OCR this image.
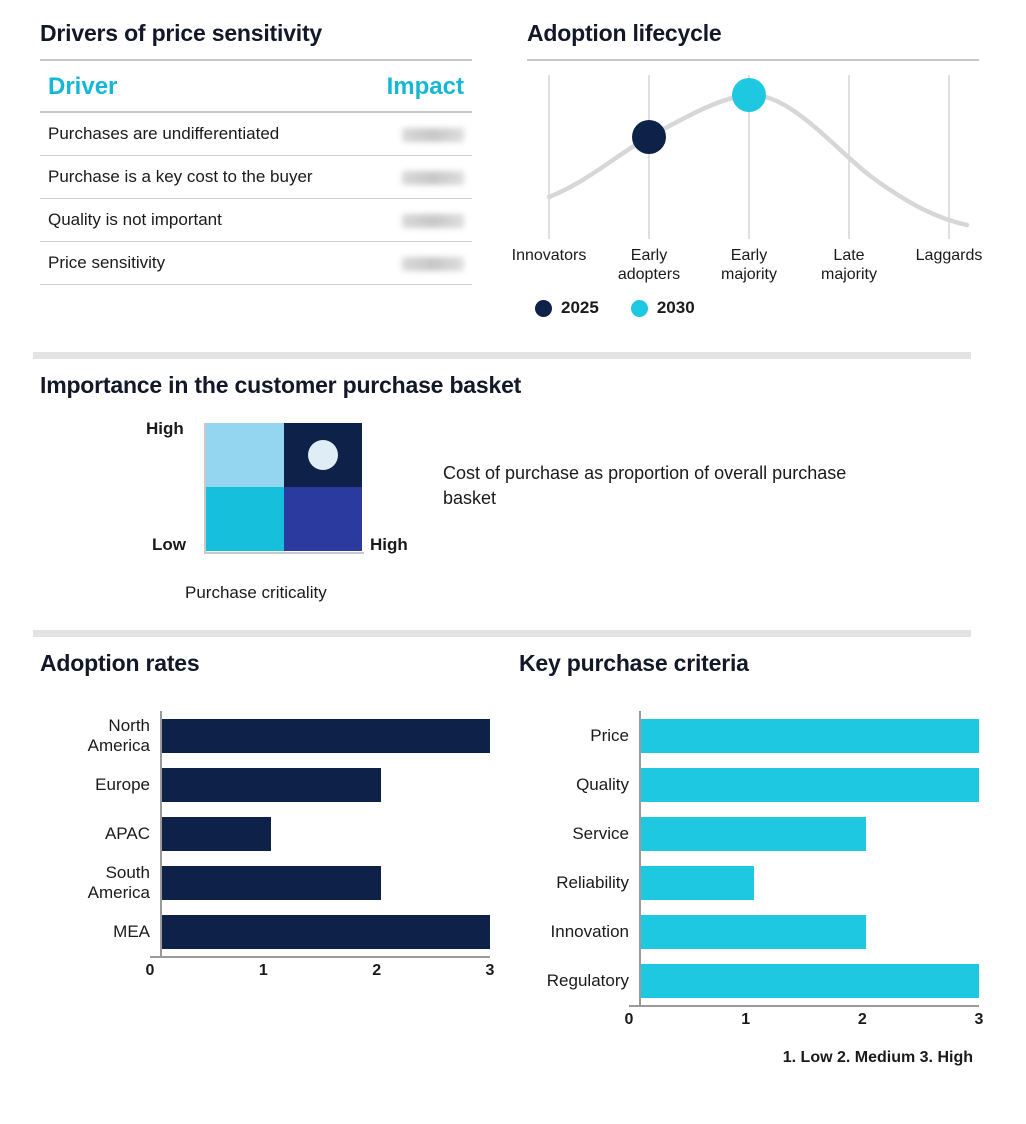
Drivers of price sensitivity
Driver	Impact
Purchases are undifferentiated	
Purchase is a key cost to the buyer	
Quality is not important	
Price sensitivity	
Adoption lifecycle
Innovators	Early
adopters
Early
majority
Late
majority
Laggards
2025	2030
Importance in the customer purchase basket
High
Low	High
Purchase criticality
Cost of purchase as proportion of overall purchase basket
Adoption rates
North
America
Europe
APAC
South
America
MEA
0	1	2	3
Key purchase criteria
Price
Quality
Service
Reliability
Innovation
Regulatory
0	1	2	3
1. Low 2. Medium 3. High
